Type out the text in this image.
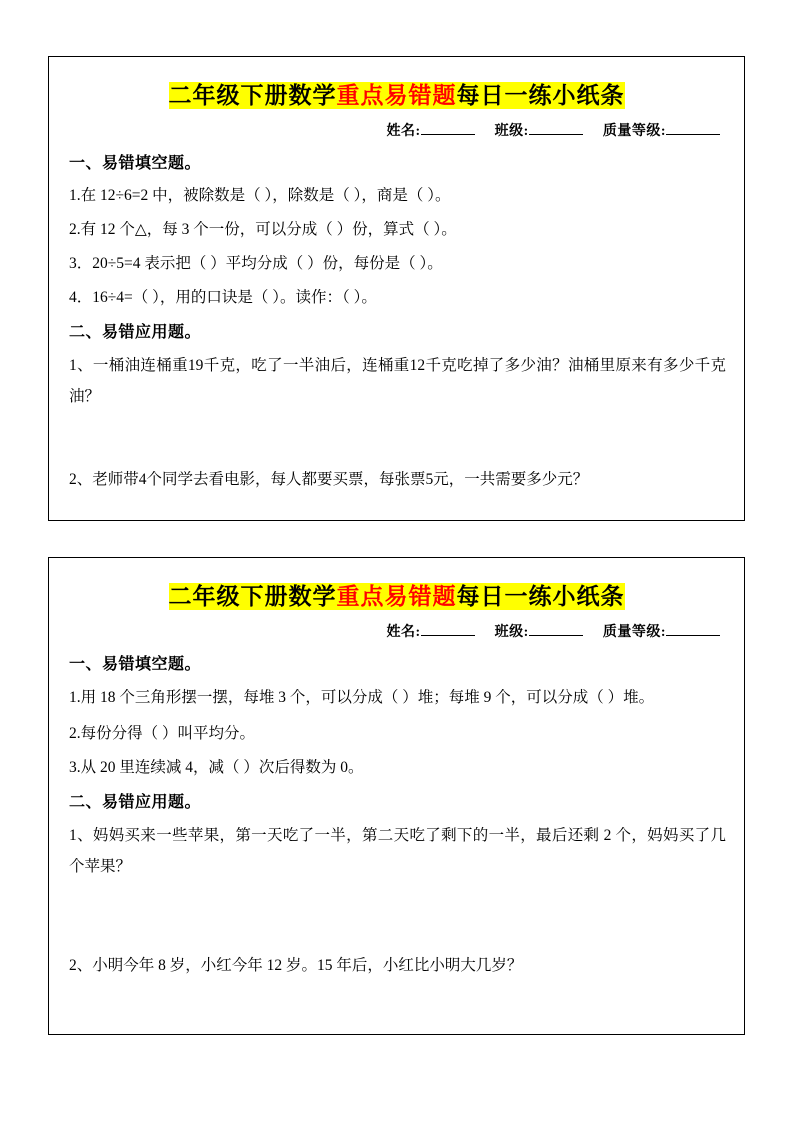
二年级下册数学重点易错题每日一练小纸条
姓名:	班级:	质量等级:
一、易错填空题。
1.在 12÷6=2 中，被除数是（ ），除数是（ ），商是（ ）。
2.有 12 个△，每 3 个一份，可以分成（ ）份，算式（ ）。
3．20÷5=4 表示把（ ）平均分成（ ）份，每份是（ ）。
4．16÷4=（ ），用的口诀是（ ）。读作：（ ）。
二、易错应用题。
1、一桶油连桶重19千克，吃了一半油后，连桶重12千克吃掉了多少油？油桶里原来有多少千克油？
2、老师带4个同学去看电影，每人都要买票，每张票5元，一共需要多少元？
二年级下册数学重点易错题每日一练小纸条
姓名:	班级:	质量等级:
一、易错填空题。
1.用 18 个三角形摆一摆，每堆 3 个，可以分成（ ）堆；每堆 9 个，可以分成（ ）堆。
2.每份分得（ ）叫平均分。
3.从 20 里连续减 4，减（ ）次后得数为 0。
二、易错应用题。
1、妈妈买来一些苹果，第一天吃了一半，第二天吃了剩下的一半，最后还剩 2 个，妈妈买了几个苹果？
2、小明今年 8 岁，小红今年 12 岁。15 年后，小红比小明大几岁？
